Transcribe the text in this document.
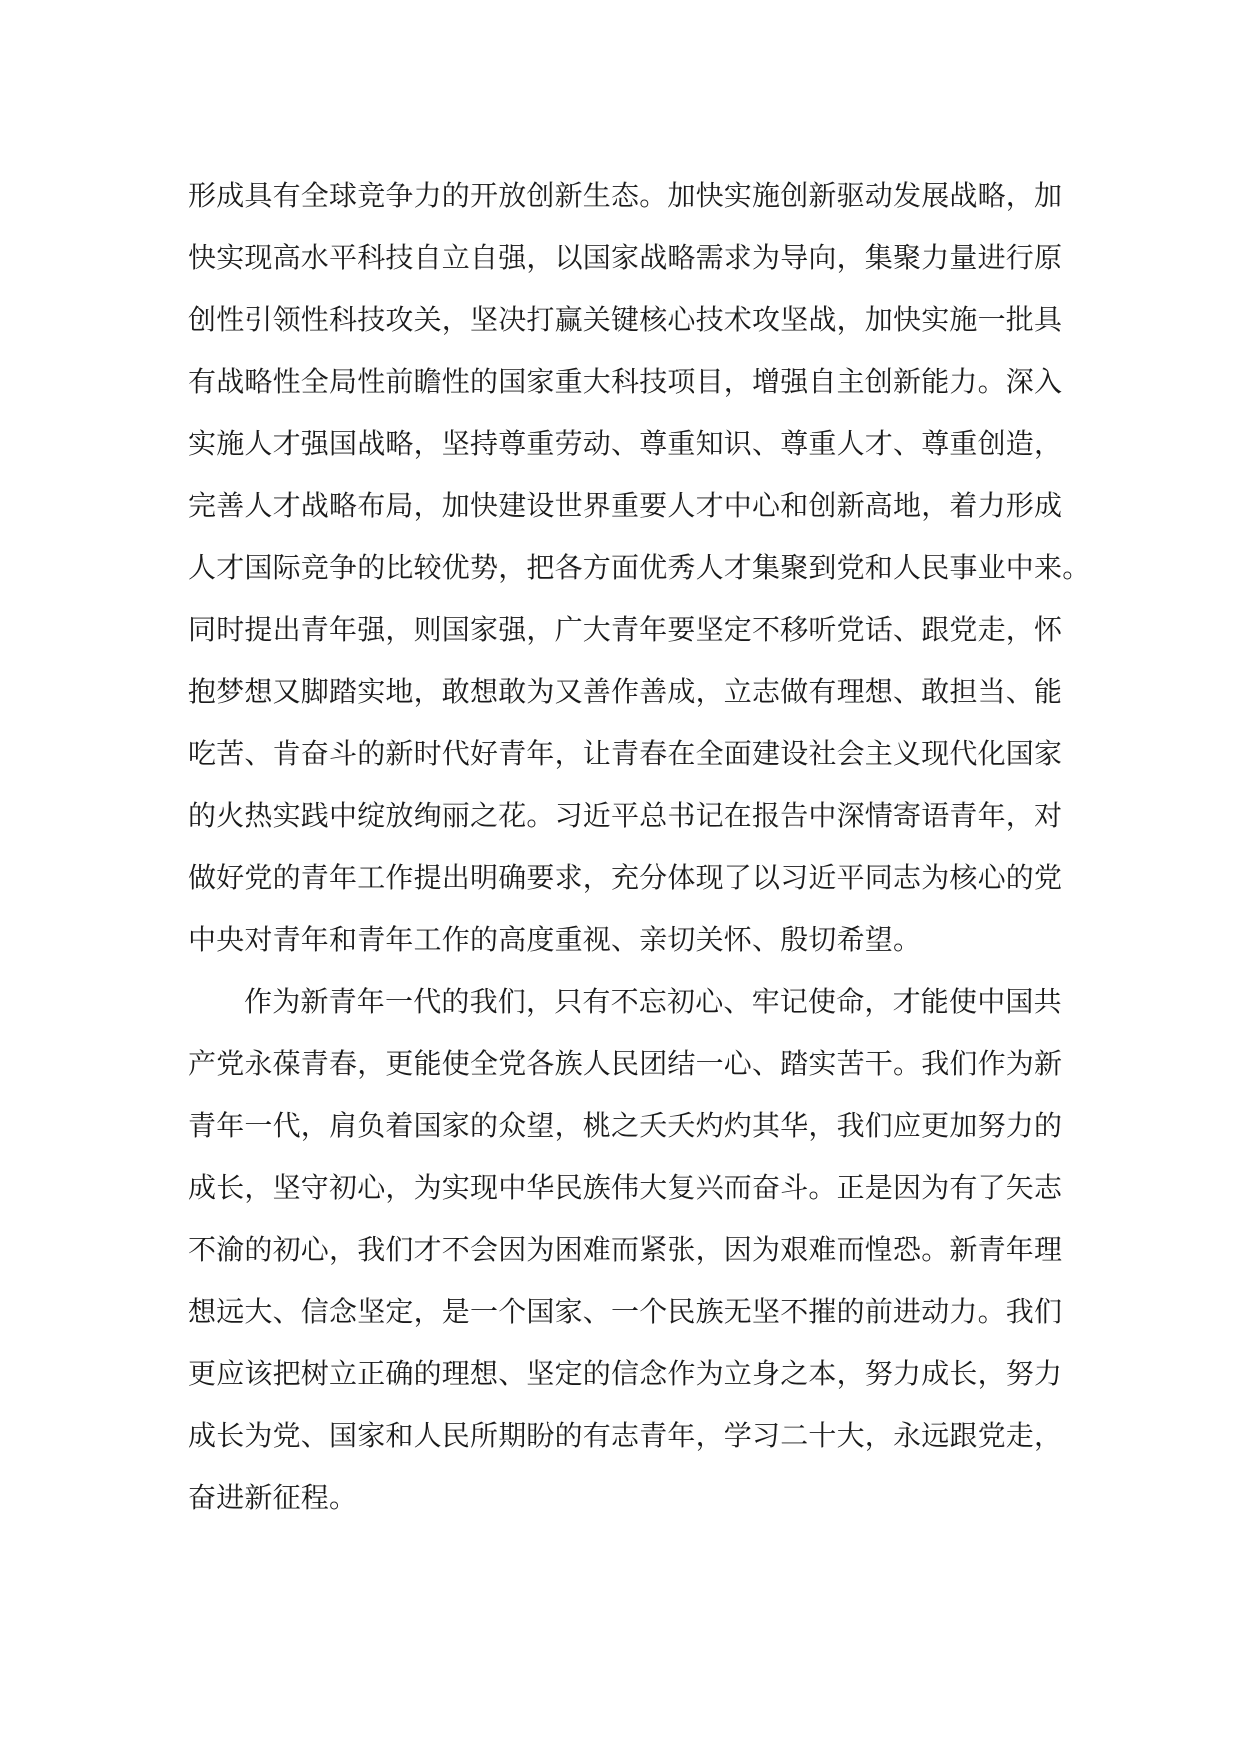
形成具有全球竞争力的开放创新生态。加快实施创新驱动发展战略，加
快实现高水平科技自立自强，以国家战略需求为导向，集聚力量进行原
创性引领性科技攻关，坚决打赢关键核心技术攻坚战，加快实施一批具
有战略性全局性前瞻性的国家重大科技项目，增强自主创新能力。深入
实施人才强国战略，坚持尊重劳动、尊重知识、尊重人才、尊重创造，
完善人才战略布局，加快建设世界重要人才中心和创新高地，着力形成
人才国际竞争的比较优势，把各方面优秀人才集聚到党和人民事业中来。
同时提出青年强，则国家强，广大青年要坚定不移听党话、跟党走，怀
抱梦想又脚踏实地，敢想敢为又善作善成，立志做有理想、敢担当、能
吃苦、肯奋斗的新时代好青年，让青春在全面建设社会主义现代化国家
的火热实践中绽放绚丽之花。习近平总书记在报告中深情寄语青年，对
做好党的青年工作提出明确要求，充分体现了以习近平同志为核心的党
中央对青年和青年工作的高度重视、亲切关怀、殷切希望。
作为新青年一代的我们，只有不忘初心、牢记使命，才能使中国共
产党永葆青春，更能使全党各族人民团结一心、踏实苦干。我们作为新
青年一代，肩负着国家的众望，桃之夭夭灼灼其华，我们应更加努力的
成长，坚守初心，为实现中华民族伟大复兴而奋斗。正是因为有了矢志
不渝的初心，我们才不会因为困难而紧张，因为艰难而惶恐。新青年理
想远大、信念坚定，是一个国家、一个民族无坚不摧的前进动力。我们
更应该把树立正确的理想、坚定的信念作为立身之本，努力成长，努力
成长为党、国家和人民所期盼的有志青年，学习二十大，永远跟党走，
奋进新征程。
